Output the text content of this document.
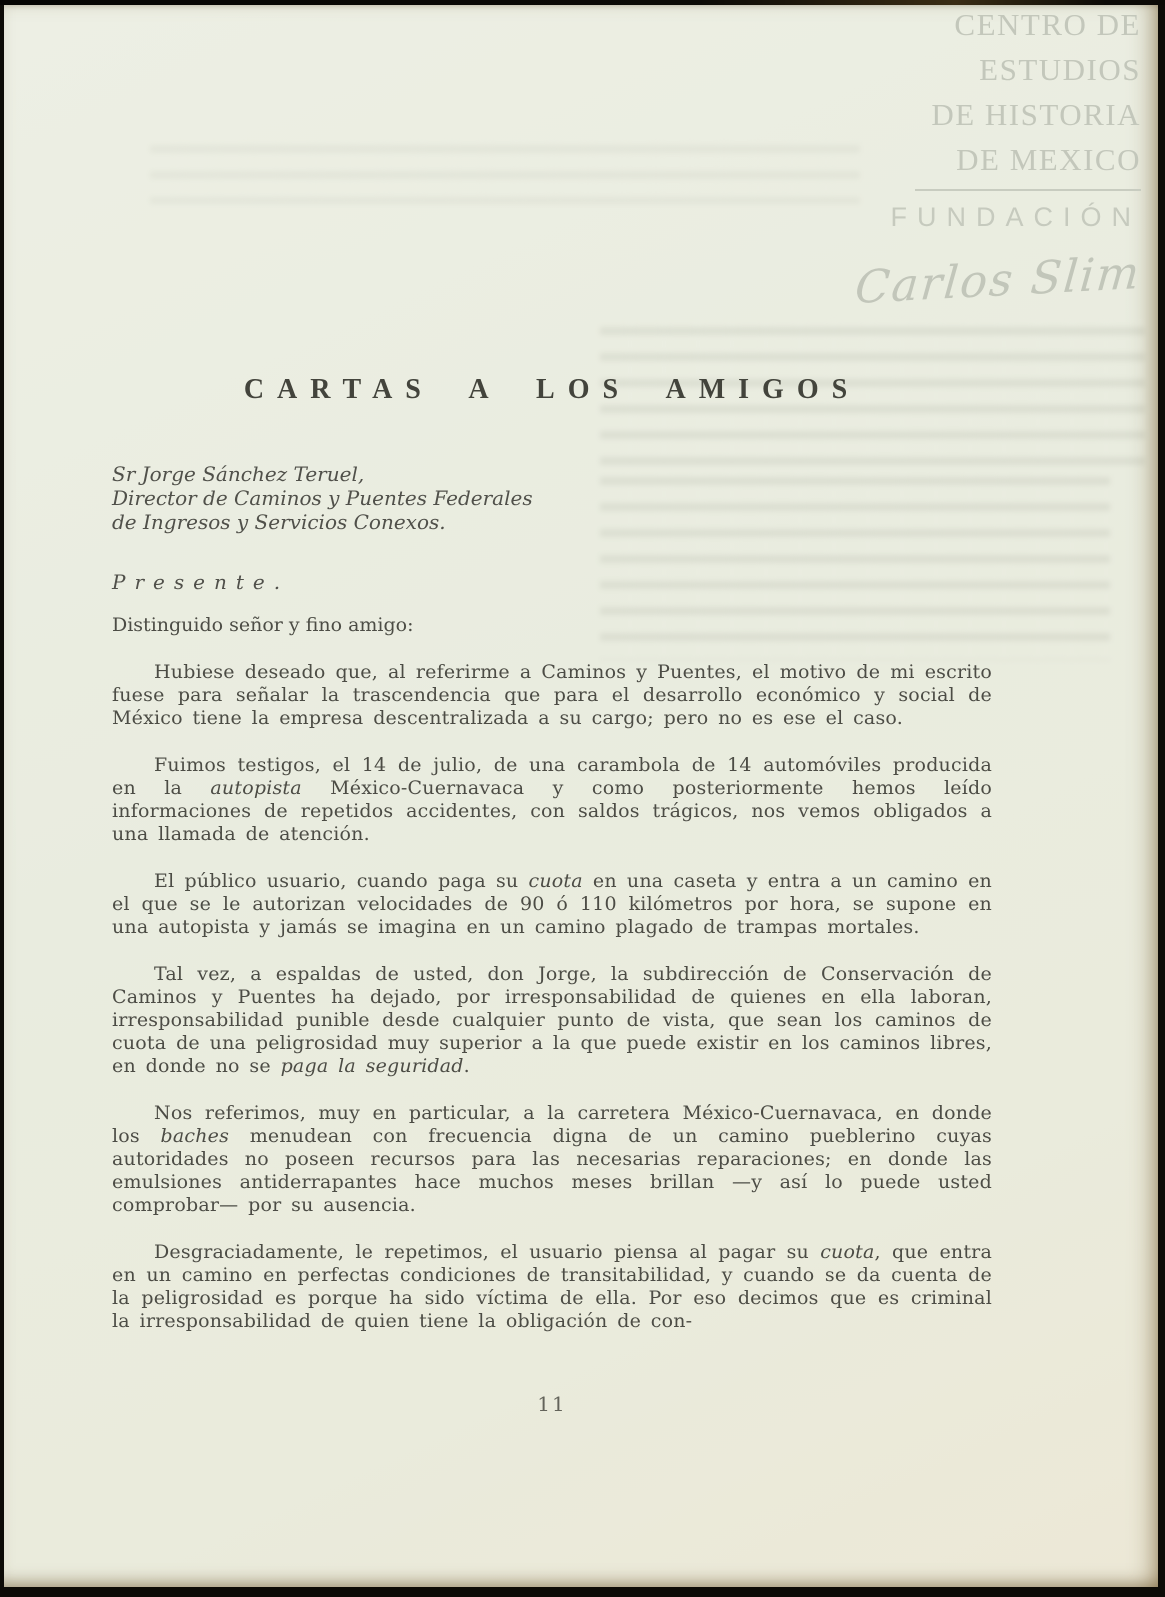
CENTRO DE
ESTUDIOS
DE HISTORIA
DE MEXICO
FUNDACIÓN
Carlos Slim
CARTAS A LOS AMIGOS
Sr Jorge Sánchez Teruel,
Director de Caminos y Puentes Federales
de Ingresos y Servicios Conexos.
Presente.
Distinguido señor y fino amigo:

Hubiese deseado que, al referirme a Caminos y Puentes, el motivo de mi escrito fuese para señalar la trascendencia que para el desarrollo económico y social de México tiene la empresa descentralizada a su cargo; pero no es ese el caso.

Fuimos testigos, el 14 de julio, de una carambola de 14 automóviles producida en la autopista México-Cuernavaca y como posteriormente hemos leído informaciones de repetidos accidentes, con saldos trágicos, nos vemos obligados a una llamada de atención.

El público usuario, cuando paga su cuota en una caseta y entra a un camino en el que se le autorizan velocidades de 90 ó 110 kilómetros por hora, se supone en una autopista y jamás se imagina en un camino plagado de trampas mortales.

Tal vez, a espaldas de usted, don Jorge, la subdirección de Conservación de Caminos y Puentes ha dejado, por irresponsabilidad de quienes en ella laboran, irresponsabilidad punible desde cualquier punto de vista, que sean los caminos de cuota de una peligrosidad muy superior a la que puede existir en los caminos libres, en donde no se paga la seguridad.

Nos referimos, muy en particular, a la carretera México-Cuernavaca, en donde los baches menudean con frecuencia digna de un camino pueblerino cuyas autoridades no poseen recursos para las necesarias reparaciones; en donde las emulsiones antiderrapantes hace muchos meses brillan —y así lo puede usted comprobar— por su ausencia.

Desgraciadamente, le repetimos, el usuario piensa al pagar su cuota, que entra en un camino en perfectas condiciones de transitabilidad, y cuando se da cuenta de la peligrosidad es porque ha sido víctima de ella. Por eso decimos que es criminal la irresponsabilidad de quien tiene la obligación de con-

11
